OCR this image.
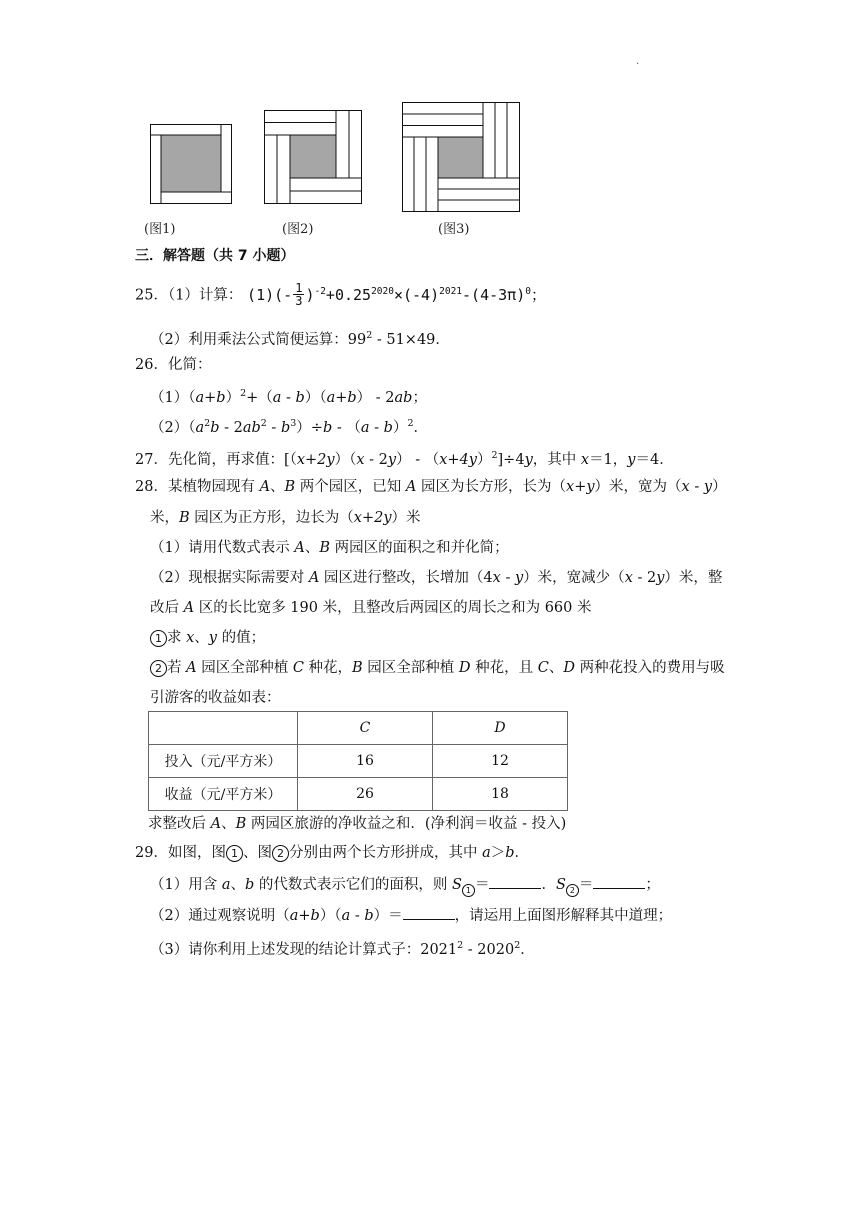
.
(图1)	(图2)	(图3)
三．解答题（共 7 小题）
25．（1）计算： $(1)(- \frac{1}{3}$ ) -2 +0.25 2020 ×(-4) 2021 -(4-3π) 0 ；
（2）利用乘法公式简便运算：$99^2 - 51\times 49$．
26．化简：
$(1)(a+b)^2+(a - b)(a+b) - 2ab$；
$(2)(a^2b - 2ab^2 - b^3)\div b - (a - b)^2$．
27．先化简，再求值：$[(x+2y)(x - 2y) - (x+4y)^2]\div 4y$，其中 x＝1，y＝4．
28．某植物园现有 A、B 两个园区，已知 A 园区为长方形，长为（x+y）米，宽为（x - y）
米，B 园区为正方形，边长为（x+2y）米
（1）请用代数式表示 A、B 两园区的面积之和并化简；
（2）现根据实际需要对 A 园区进行整改，长增加（4x - y）米，宽减少（x - 2y）米，整
改后 A 区的长比宽多 190 米，且整改后两园区的周长之和为 660 米
1 求 x、y 的值；
2 若 A 园区全部种植 C 种花，B 园区全部种植 D 种花，且 C、D 两种花投入的费用与吸
引游客的收益如表：
	C	D
投入（元/平方米）	16	12
收益（元/平方米）	26	18
求整改后 A、B 两园区旅游的净收益之和．(净利润＝收益 - 投入)
29．如图，图 1 、图 2 分别由两个长方形拼成，其中 a＞b．
（1）用含 a、b 的代数式表示它们的面积，则 S 1 ＝	．S 2 ＝	；
（2）通过观察说明（a+b）（a - b）＝	，请运用上面图形解释其中道理；
（3）请你利用上述发现的结论计算式子：2021$^2$ - 2020$^2$．
